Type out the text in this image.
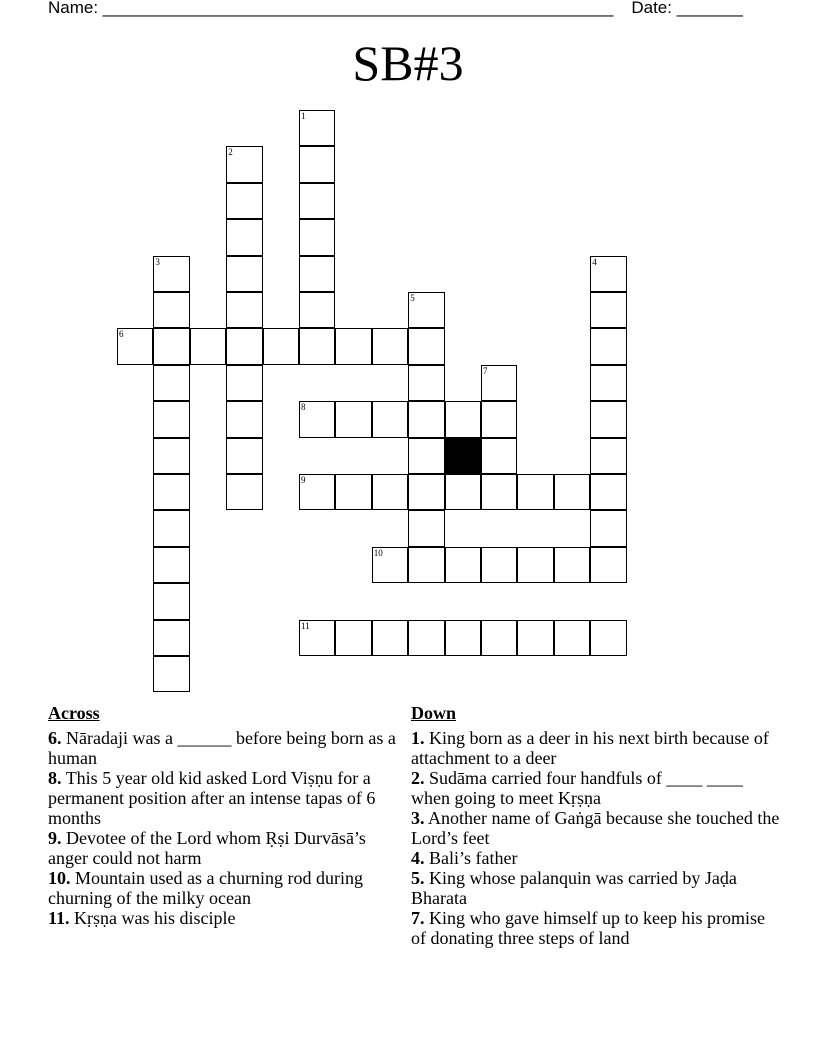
Name: ______________________________________________________ Date: _______
SB#3
1
2
3	4
5
6
7
8
9
10
11
Across
6. Nāradaji was a ______ before being born as a human
8. This 5 year old kid asked Lord Viṣṇu for a permanent position after an intense tapas of 6 months
9. Devotee of the Lord whom Ṛṣi Durvāsā’s anger could not harm
10. Mountain used as a churning rod during churning of the milky ocean
11. Kṛṣṇa was his disciple
Down
1. King born as a deer in his next birth because of attachment to a deer
2. Sudāma carried four handfuls of ____ ____ when going to meet Kṛṣṇa
3. Another name of Gaṅgā because she touched the Lord’s feet
4. Bali’s father
5. King whose palanquin was carried by Jaḍa Bharata
7. King who gave himself up to keep his promise of donating three steps of land
